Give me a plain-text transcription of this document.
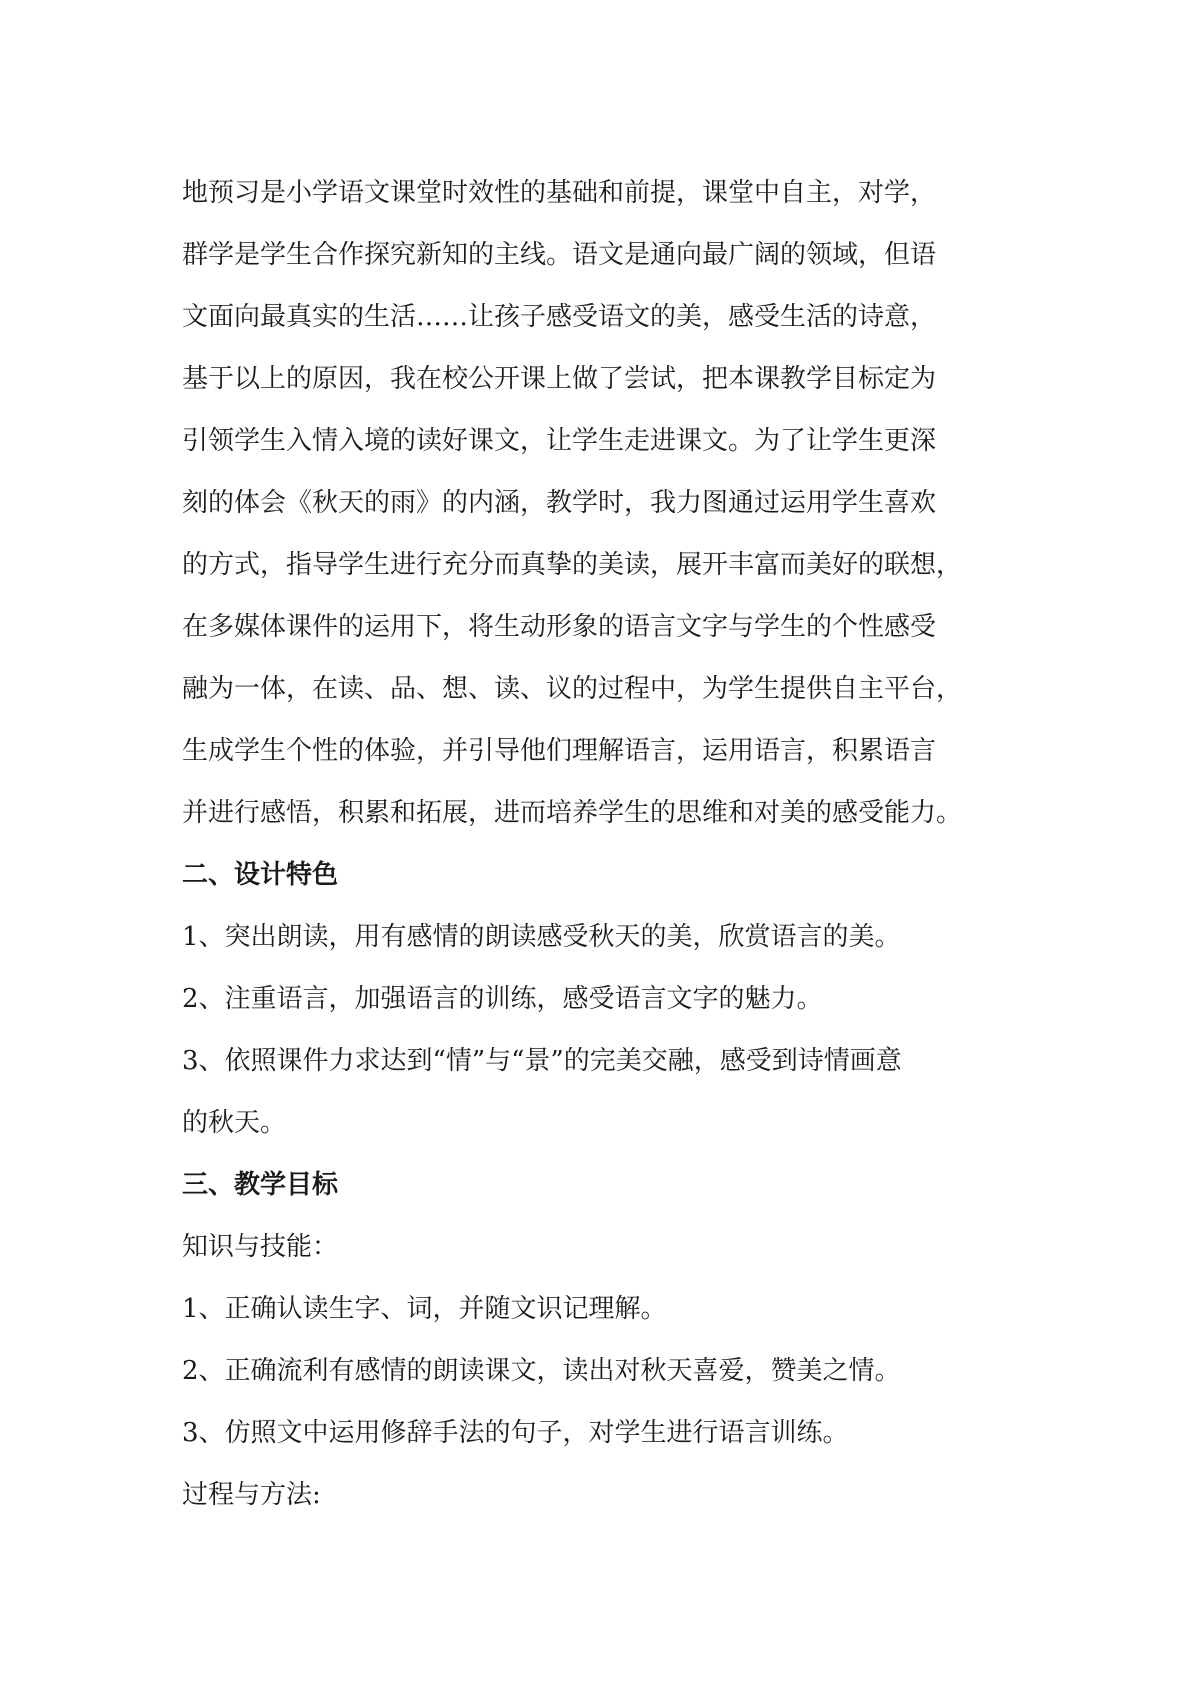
地预习是小学语文课堂时效性的基础和前提，课堂中自主，对学，
群学是学生合作探究新知的主线。语文是通向最广阔的领域，但语
文面向最真实的生活……让孩子感受语文的美，感受生活的诗意，
基于以上的原因，我在校公开课上做了尝试，把本课教学目标定为
引领学生入情入境的读好课文，让学生走进课文。为了让学生更深
刻的体会《秋天的雨》的内涵，教学时，我力图通过运用学生喜欢
的方式，指导学生进行充分而真挚的美读，展开丰富而美好的联想，
在多媒体课件的运用下，将生动形象的语言文字与学生的个性感受
融为一体，在读、品、想、读、议的过程中，为学生提供自主平台，
生成学生个性的体验，并引导他们理解语言，运用语言，积累语言
并进行感悟，积累和拓展，进而培养学生的思维和对美的感受能力。
二、设计特色
1、突出朗读，用有感情的朗读感受秋天的美，欣赏语言的美。
2、注重语言，加强语言的训练，感受语言文字的魅力。
3、依照课件力求达到“情”与“景”的完美交融，感受到诗情画意
的秋天。
三、教学目标
知识与技能：
1、正确认读生字、词，并随文识记理解。
2、正确流利有感情的朗读课文，读出对秋天喜爱，赞美之情。
3、仿照文中运用修辞手法的句子，对学生进行语言训练。
过程与方法:
